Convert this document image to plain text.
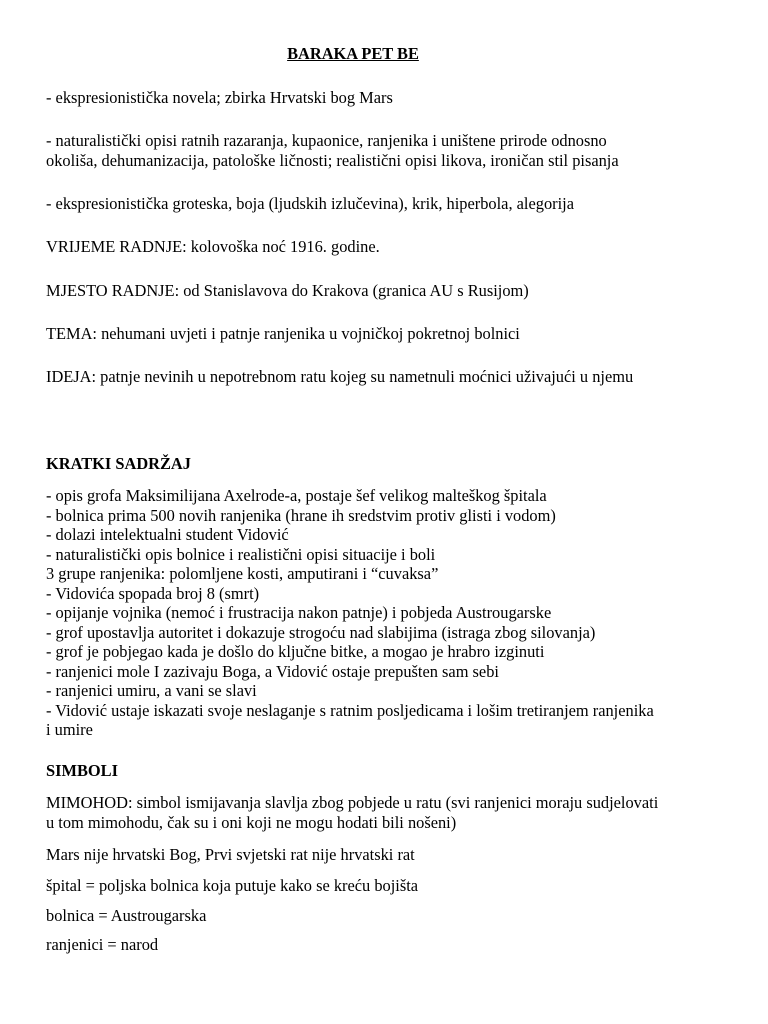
BARAKA PET BE
- ekspresionistička novela; zbirka Hrvatski bog Mars
- naturalistički opisi ratnih razaranja, kupaonice, ranjenika i uništene prirode odnosno
okoliša, dehumanizacija, patološke ličnosti; realistični opisi likova, ironičan stil pisanja
- ekspresionistička groteska, boja (ljudskih izlučevina), krik, hiperbola, alegorija
VRIJEME RADNJE: kolovoška noć 1916. godine.
MJESTO RADNJE: od Stanislavova do Krakova (granica AU s Rusijom)
TEMA: nehumani uvjeti i patnje ranjenika u vojničkoj pokretnoj bolnici
IDEJA: patnje nevinih u nepotrebnom ratu kojeg su nametnuli moćnici uživajući u njemu
KRATKI SADRŽAJ
- opis grofa Maksimilijana Axelrode-a, postaje šef velikog malteškog špitala
- bolnica prima 500 novih ranjenika (hrane ih sredstvim protiv glisti i vodom)
- dolazi intelektualni student Vidović
- naturalistički opis bolnice i realistični opisi situacije i boli
3 grupe ranjenika: polomljene kosti, amputirani i “cuvaksa”
- Vidovića spopada broj 8 (smrt)
- opijanje vojnika (nemoć i frustracija nakon patnje) i pobjeda Austrougarske
- grof upostavlja autoritet i dokazuje strogoću nad slabijima (istraga zbog silovanja)
- grof je pobjegao kada je došlo do ključne bitke, a mogao je hrabro izginuti
- ranjenici mole I zazivaju Boga, a Vidović ostaje prepušten sam sebi
- ranjenici umiru, a vani se slavi
- Vidović ustaje iskazati svoje neslaganje s ratnim posljedicama i lošim tretiranjem ranjenika
i umire
SIMBOLI
MIMOHOD: simbol ismijavanja slavlja zbog pobjede u ratu (svi ranjenici moraju sudjelovati
u tom mimohodu, čak su i oni koji ne mogu hodati bili nošeni)
Mars nije hrvatski Bog, Prvi svjetski rat nije hrvatski rat
špital = poljska bolnica koja putuje kako se kreću bojišta
bolnica = Austrougarska
ranjenici = narod
